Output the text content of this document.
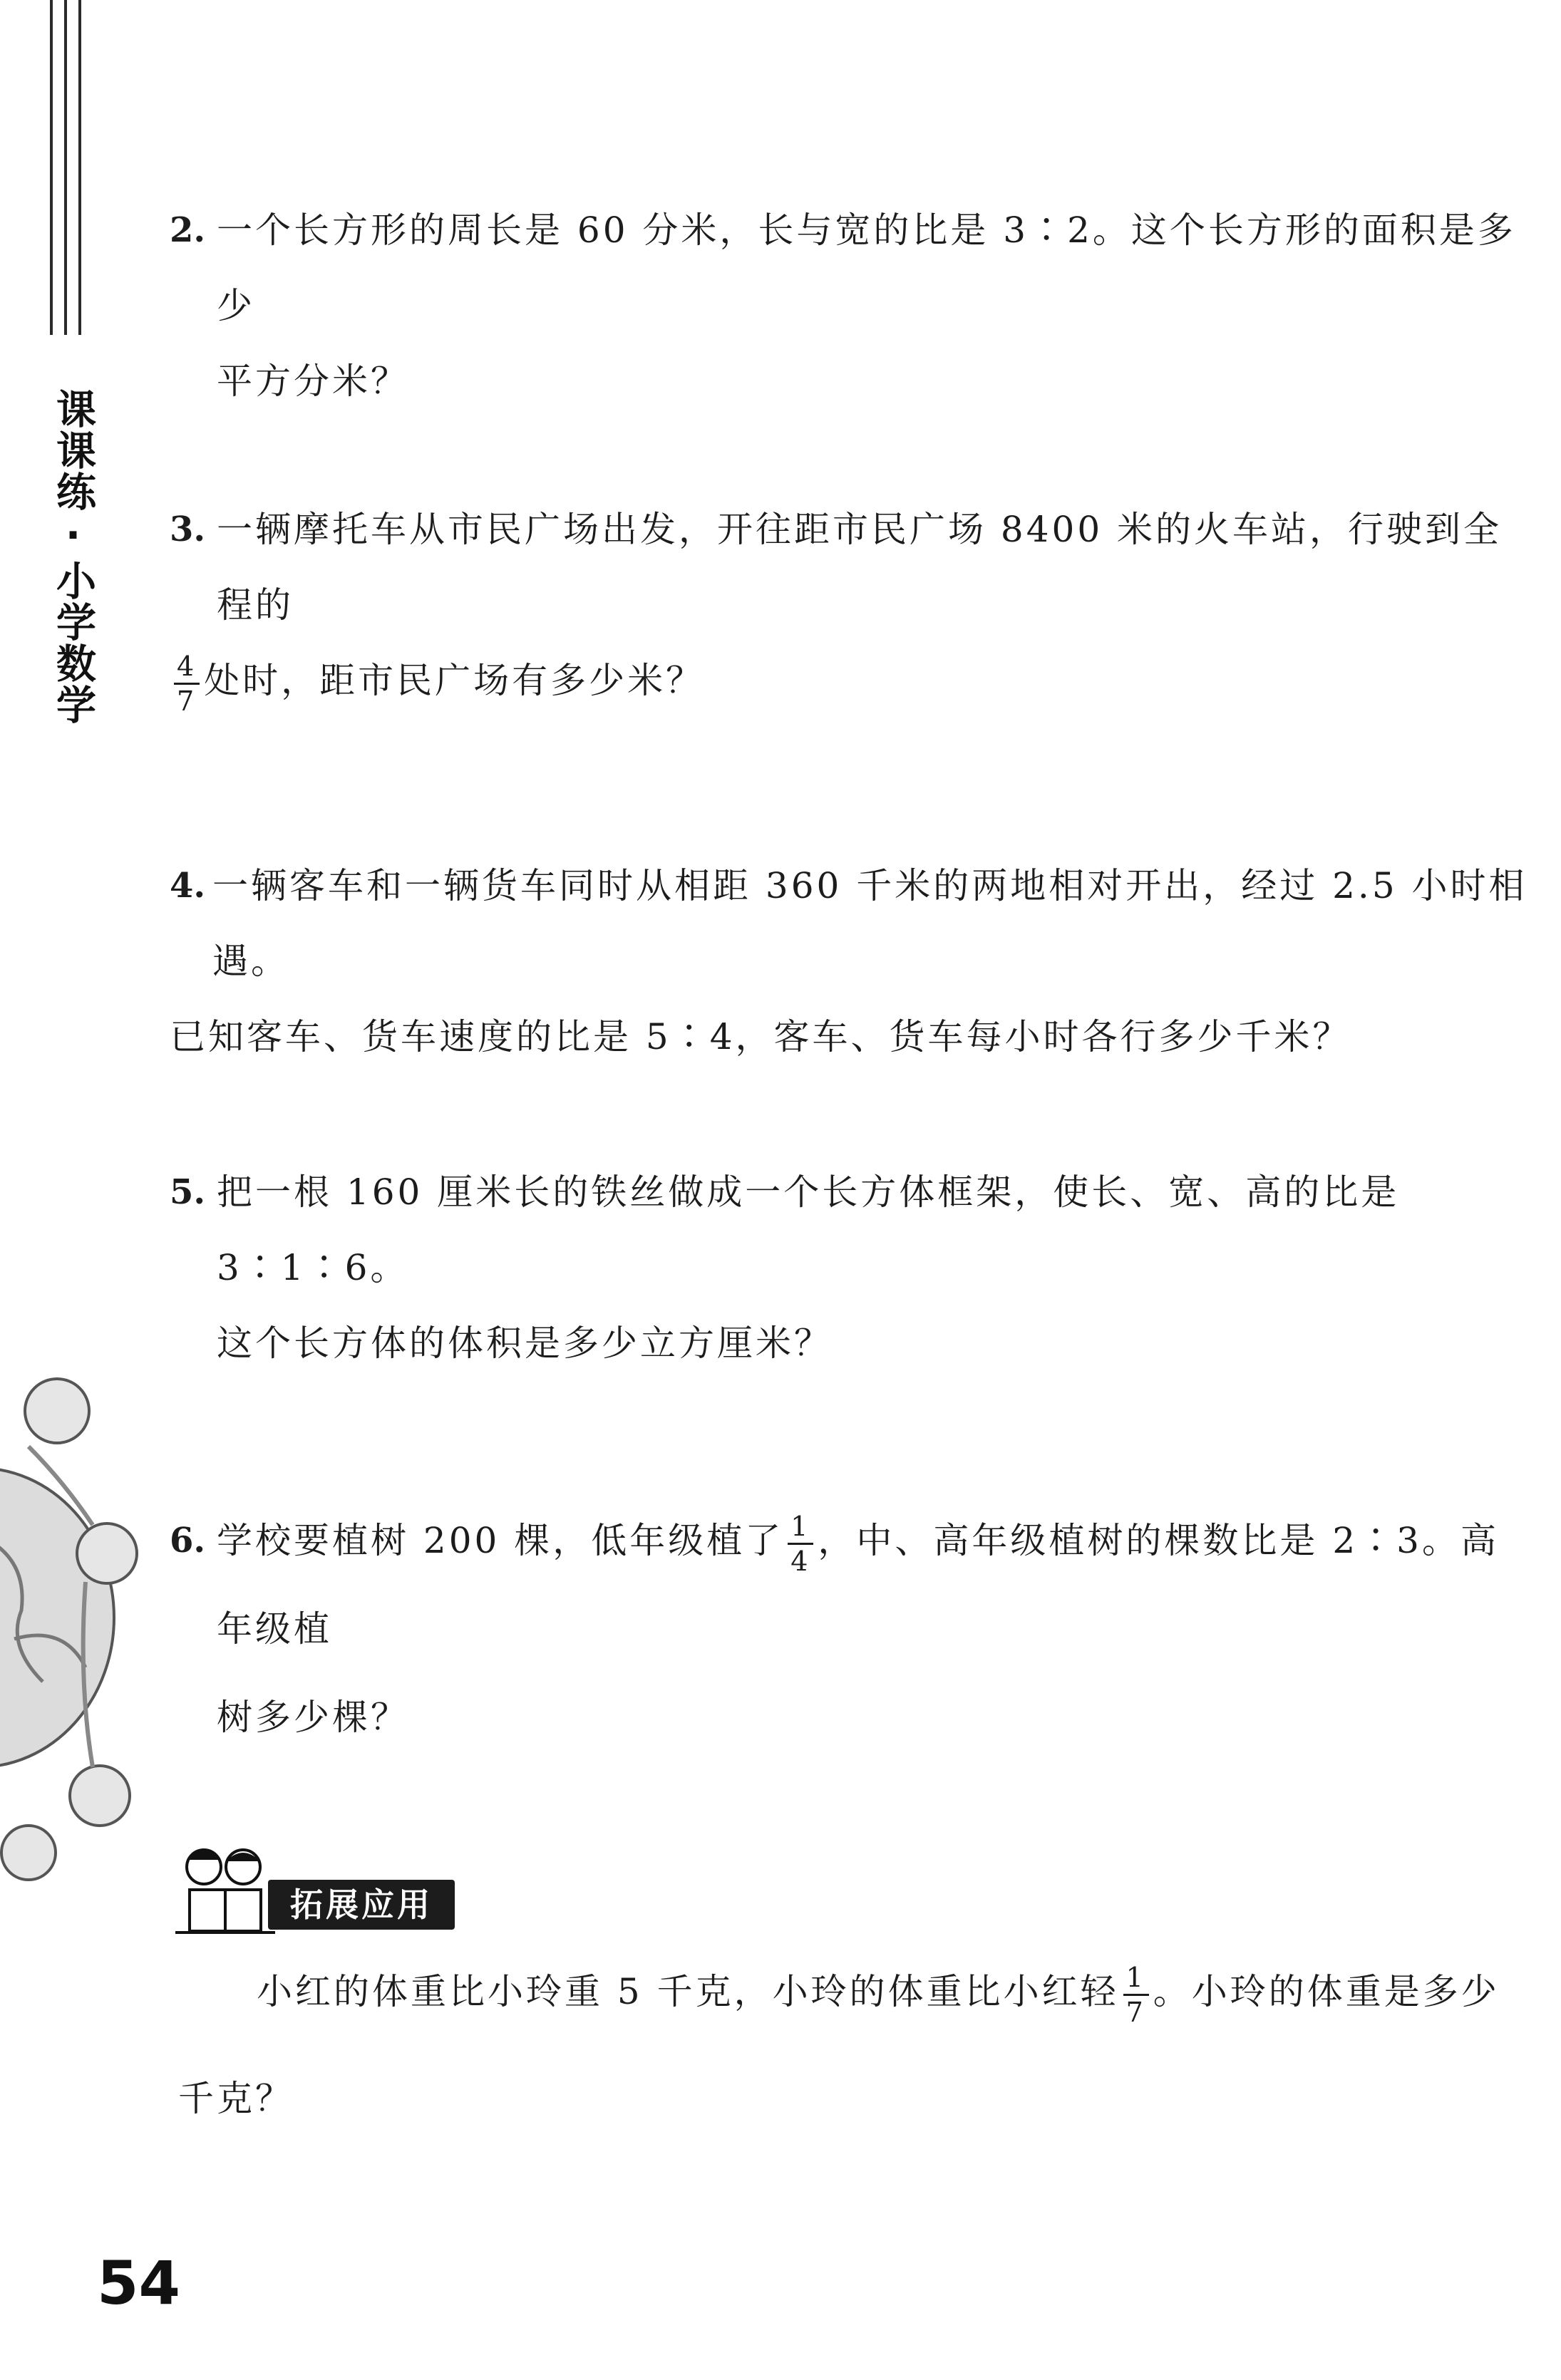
课课练·小学数学
2. 一个长方形的周长是 60 分米，长与宽的比是 3∶2。这个长方形的面积是多少
平方分米？
3. 一辆摩托车从市民广场出发，开往距市民广场 8400 米的火车站，行驶到全程的
$\frac{4}{7}$ 处时，距市民广场有多少米？
4. 一辆客车和一辆货车同时从相距 360 千米的两地相对开出，经过 2.5 小时相遇。
已知客车、货车速度的比是 5∶4，客车、货车每小时各行多少千米？
5. 把一根 160 厘米长的铁丝做成一个长方体框架，使长、宽、高的比是 3∶1∶6。
这个长方体的体积是多少立方厘米？
6. 学校要植树 200 棵，低年级植了 $\frac{1}{4}$ ，中、高年级植树的棵数比是 2∶3。高年级植
树多少棵？
拓展应用
小红的体重比小玲重 5 千克，小玲的体重比小红轻 $\frac{1}{7}$ 。小玲的体重是多少
千克？
54
